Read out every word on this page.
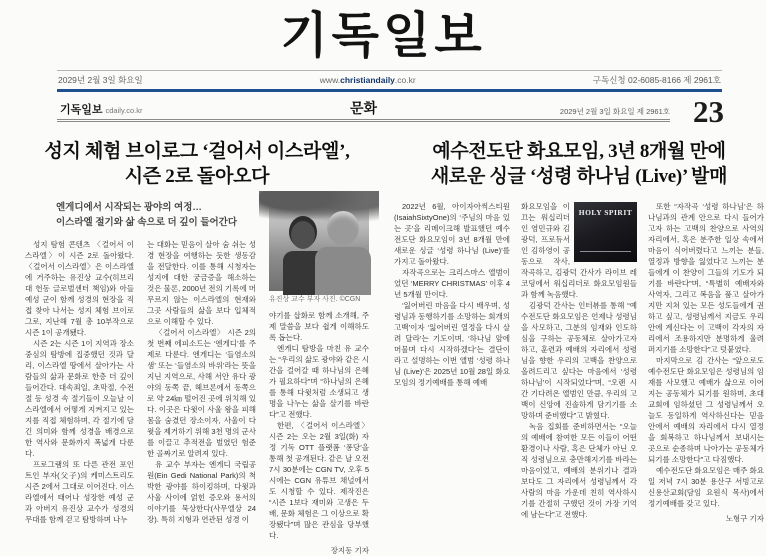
기독일보
2029년 2월 3일 화요일	www.christiandaily.co.kr	구독신청 02-6085-8166 제 2961호
23
기독일보 cdaily.co.kr	문화	2029년 2월 3일 화요일 제 2961호
성지 체험 브이로그 ‘걸어서 이스라엘’,
시즌 2로 돌아오다
엔게디에서 시작되는 광야의 여정…
이스라엘 절기와 삶 속으로 더 깊이 들어간다

성지 탐험 콘텐츠 〈걸어서 이스라엘〉이 시즌 2로 돌아왔다. 〈걸어서 이스라엘〉은 이스라엘에 거주하는 유진상 교수(히브리대 헌동 글로벌센터 책임)와 아들 예성 군이 함께 성경의 현장을 직접 찾아 나서는 성지 체험 브이로그로, 지난해 7월 총 10부작으로 시즌 1이 공개됐다.

시즌 2는 시즌 1이 지역과 장소 중심의 탐방에 집중했던 것과 달리, 이스라엘 땅에서 살아가는 사람들의 삶과 문화로 한층 더 깊이 들어간다. 대속죄일, 초막절, 수전절 등 성경 속 절기들이 오늘날 이스라엘에서 어떻게 지켜지고 있는지를 직접 체험하며, 각 절기에 담긴 의미와 함께 성경을 배경으로 한 역사와 문화까지 폭넓게 다룬다.

프로그램의 또 다른 관전 포인트인 부자(父子)의 케미스트리도 시즌 2에서 그대로 이어진다. 이스라엘에서 태어나 성장한 예성 군과 아버지 유진상 교수가 성경의 무대를 함께 걷고 탐방하며 나누

는 대화는 믿음이 살아 숨 쉬는 성경 현장을 여행하는 듯한 생동감을 전달한다. 이를 통해 시청자는 성지에 대한 궁금증을 해소하는 것은 물론, 2000년 전의 기록에 머무르지 않는 이스라엘의 현재와 그곳 사람들의 삶을 보다 입체적으로 이해할 수 있다.

〈걸어서 이스라엘〉 시즌 2의 첫 번째 에피소드는 ‘엔게디’를 주제로 다룬다. 엔게디는 ‘들염소의 샘’ 또는 ‘들염소의 바위’라는 뜻을 지닌 지역으로, 사해 서안 유다 광야의 동쪽 끝, 헤브론에서 동쪽으로 약 24㎞ 떨어진 곳에 위치해 있다. 이곳은 다윗이 사울 왕을 피해 몸을 숨겼던 장소이자, 사울이 다윗을 제거하기 위해 3천 명의 군사를 이끌고 추적전을 벌였던 험준한 골짜기로 알려져 있다.

유 교수 부자는 엔게디 국립공원(Ein Gedi National Park)의 척박한 광야를 하이킹하며, 다윗과 사울 사이에 얽힌 증오와 용서의 이야기를 묵상한다(사무엘상 24장). 특히 지형과 연관된 성경 이

유진상 교수 부자 사진. ©CGN

야기를 삽화로 함께 소개해, 주제 말씀을 보다 쉽게 이해하도록 돕는다.

엔게디 탐방을 마친 유 교수는 “우리의 삶도 광야와 같은 시간을 걸어갈 때 하나님의 은혜가 필요하다”며 “하나님의 은혜를 통해 다윗처럼 소생되고 생명을 나누는 삶을 살기를 바란다”고 전했다.

한편, 〈걸어서 이스라엘〉 시즌 2는 오는 2월 3일(화) 자정 기독 OTT 플랫폼 ‘퐁당’을 통해 첫 공개된다. 같은 날 오전 7시 30분에는 CGN TV, 오후 5시에는 CGN 유튜브 채널에서도 시청할 수 있다. 제작진은 “시즌 1보다 재미와 고생은 두 배, 문화 체험은 그 이상으로 확장됐다”며 많은 관심을 당부했다.

장지동 기자
예수전도단 화요모임, 3년 8개월 만에
새로운 싱글 ‘성령 하나님 (Live)’ 발매

2022년 6월, 아이자아씩스티원(IsaiahSixtyOne)의 ‘주님의 마음 있는 곳’을 리메이크해 발표했던 예수전도단 화요모임이 3년 8개월 만에 새로운 싱글 ‘성령 하나님 (Live)’를 가지고 돌아왔다.

자작곡으로는 크리스마스 앨범이었던 ‘MERRY CHRISTMAS’ 이후 4년 5개월 만이다.

‘잃어버린 마음을 다시 배우며, 성령님과 동행하기를 소망하는 회개의 고백’이자 ‘잃어버린 열정을 다시 살려 달라’는 기도이며, ‘하나님 앞에 머물며 다시 시작하겠다’는 결단이라고 설명하는 이번 앨범 ‘성령 하나님 (Live)’은 2025년 10월 28일 화요모임의 정기예배를 통해 예배

HOLY SPIRIT

화요모임을 이끄는 워십리더인 염민규와 김광덕, 프로듀서인 김하영이 공동으로 작사, 작곡하고, 김광덕 간사가 라이브 레코딩에서 워십리더로 화요모임원들과 함께 녹음했다.

김광덕 간사는 인터뷰를 통해 “예수전도단 화요모임은 언제나 성령님을 사모하고, 그분의 임재와 인도하심을 구하는 공동체로 살아가고자 하고, 훈련과 예배의 자리에서 성령님을 향한 우리의 고백을 찬양으로 올려드리고 싶다는 마음에서 ‘성령 하나님’이 시작되었다”며, “오랜 시간 기다려온 앨범인 만큼, 우리의 고백이 신앙에 진솔하게 담기기를 소망하며 준비했다”고 밝혔다.

녹음 집회를 준비하면서는 “오늘의 예배에 참여한 모든 이들이 어떤 환경이나 사람, 혹은 단체가 아닌 오직 성령님으로 충만해지기를 바라는 마음이었고, 예배의 분위기나 결과보다도 그 자리에서 성령님께서 각 사람의 마음 가운데 친히 역사하시기를 간절히 구했던 것이 가장 기억에 남는다”고 전했다.

또한 “자작곡 ‘성령 하나님’은 하나님과의 관계 안으로 다시 들어가고자 하는 고백의 찬양으로 사역의 자리에서, 혹은 분주한 일상 속에서 마음이 식어버렸다고 느끼는 분들, 열정과 방향을 잃었다고 느끼는 분들에게 이 찬양이 그들의 기도가 되기를 바란다”며, “특별히 예배자와 사역자, 그리고 복음을 품고 살아가지만 지쳐 있는 모든 성도들에게 권하고 싶고, 성령님께서 지금도 우리 안에 계신다는 이 고백이 각자의 자리에서 조용하지만 분명하게 울려 퍼지기를 소망한다”고 덧붙였다.

마지막으로 김 간사는 “앞으로도 예수전도단 화요모임은 성령님의 임재를 사모했고 예배가 삶으로 이어지는 공동체가 되기를 원하며, 초대교회에 임하셨던 그 성령님께서 오늘도 동일하게 역사하신다는 믿음 안에서 예배의 자리에서 다시 열정을 회복하고 하나님께서 보내시는 곳으로 순종하며 나아가는 공동체가 되기를 소망한다”고 다짐했다.

예수전도단 화요모임은 매주 화요일 저녁 7시 30분 용산구 서빙고로 신용산교회(담임 요원식 목사)에서 정기예배를 갖고 있다.

노형구 기자
